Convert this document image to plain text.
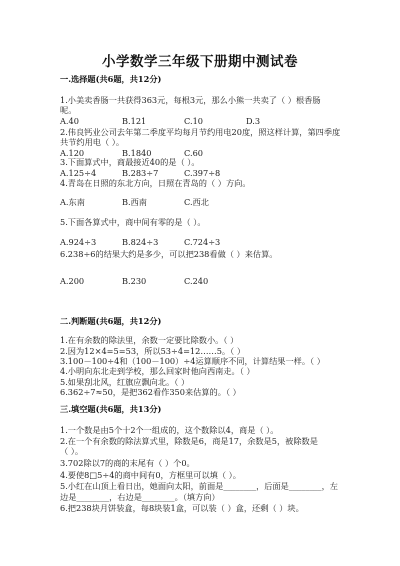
小学数学三年级下册期中测试卷
一.选择题(共6题，共12分)
1.小美卖香肠一共获得363元，每根3元，那么小熊一共卖了（ ）根香肠
呢。
A.40	B.121	C.10	D.3
2.伟良钙业公司去年第二季度平均每月节约用电20度，照这样计算，第四季度
共节约用电（ ）。
A.120	B.1840	C.60
3.下面算式中，商最接近40的是（ ）。
A.125÷4	B.283÷7	C.397÷8
4.青岛在日照的东北方向，日照在青岛的（ ）方向。
A.东南	B.西南	C.西北
5.下面各算式中，商中间有零的是（ ）。
A.924÷3	B.824÷3	C.724÷3
6.238÷6的结果大约是多少，可以把238看做（ ）来估算。
A.200	B.230	C.240
二.判断题(共6题，共12分)
1.在有余数的除法里，余数一定要比除数小。（ ）
2.因为12×4=5=53，所以53÷4=12……5。（ ）
3.100－100÷4和（100－100）÷4运算顺序不同，计算结果一样。（ ）
4.小明向东北走到学校，那么回家时他向西南走。（ ）
5.如果刮北风，红旗应飘向北。（ ）
6.362÷7≈50，是把362看作350来估算的。（ ）
三.填空题(共6题，共13分)
1.一个数是由5个十2个一组成的，这个数除以4，商是（ ）。
2.在一个有余数的除法算式里，除数是6，商是17，余数是5，被除数是
（ ）。
3.702除以7的商的末尾有（ ）个0。
4.要使8□5÷4的商中间有0，方框里可以填（ ）。
5.小红在山顶上看日出，她面向太阳，前面是________，后面是________，左
边是________，右边是________。（填方向）
6.把238块月饼装盒，每8块装1盒，可以装（ ）盒，还剩（ ）块。
